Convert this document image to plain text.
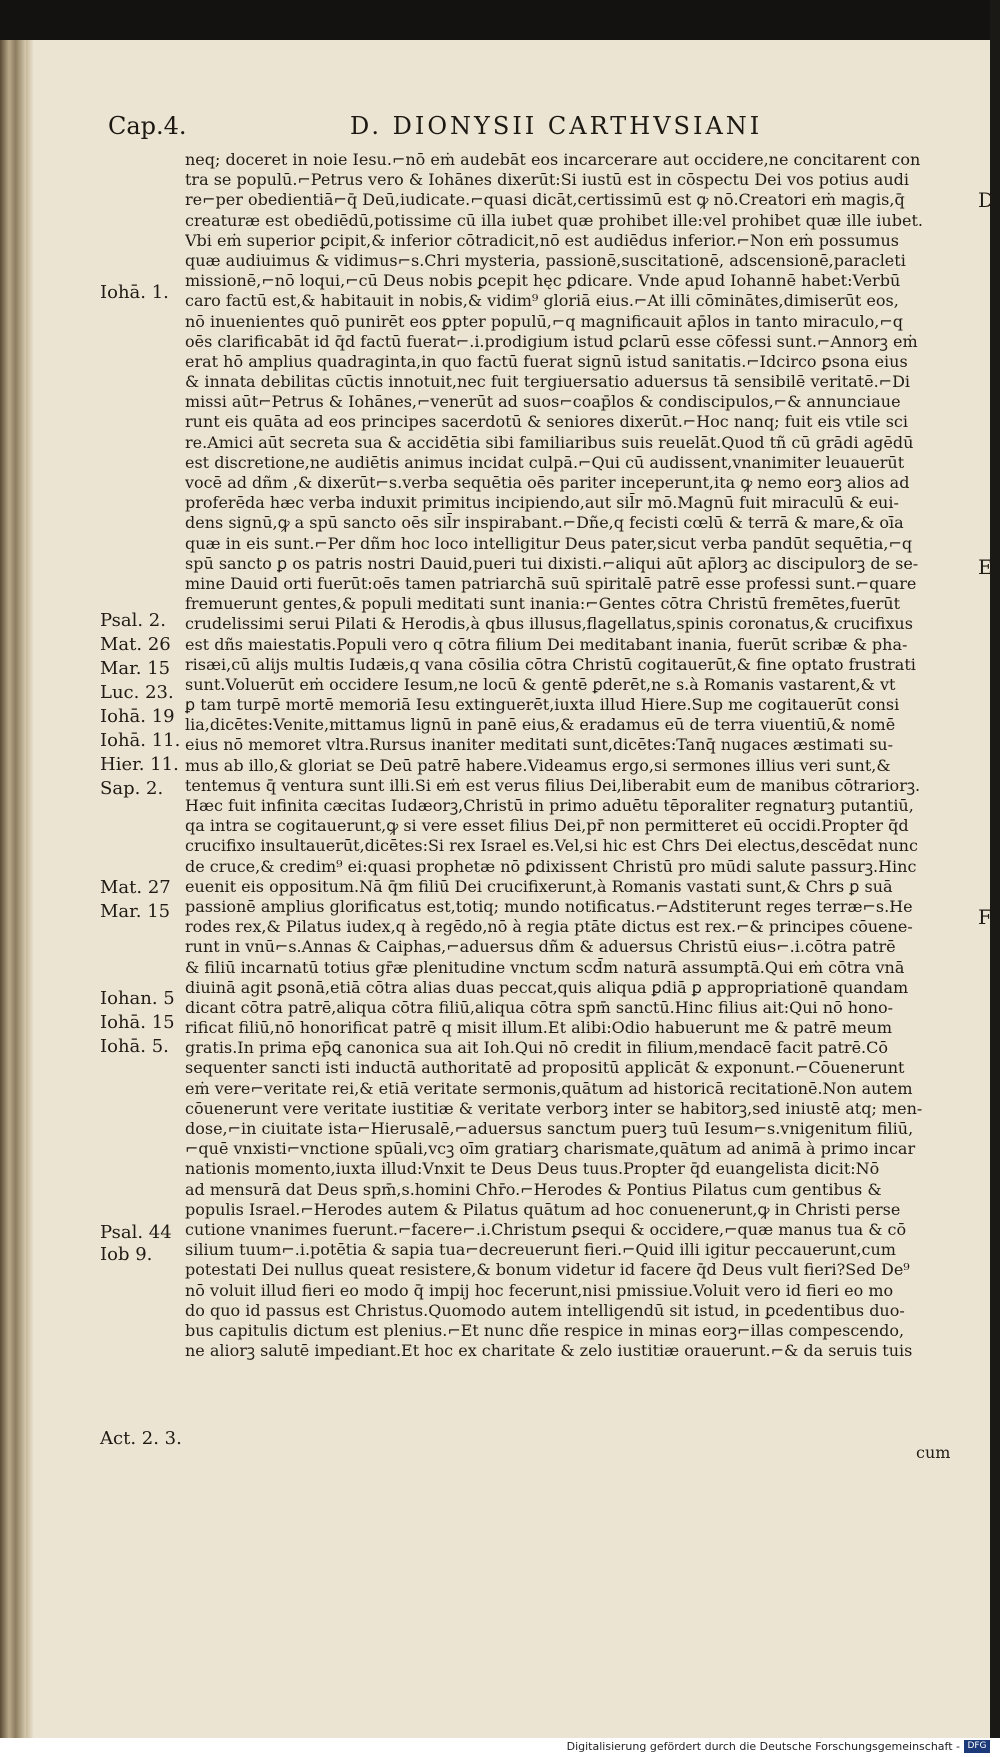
Cap.4.	D. DIONYSII CARTHVSIANI
neq; doceret in noie Iesu.⌐nō eṁ audebāt eos incarcerare aut occidere,ne concitarent con
tra se populū.⌐Petrus vero & Iohānes dixerūt:Si iustū est in cōspectu Dei vos potius audi
re⌐per obedientiā⌐q̄ Deū,iudicate.⌐quasi dicāt,certissimū est ꝙ nō.Creatori eṁ magis,q̄
creaturæ est obediēdū,potissime cū illa iubet quæ prohibet ille:vel prohibet quæ ille iubet.
Vbi eṁ superior ꝑcipit,& inferior cōtradicit,nō est audiēdus inferior.⌐Non eṁ possumus
quæ audiuimus & vidimus⌐s.Chri mysteria, passionē,suscitationē, adscensionē,paracleti
missionē,⌐nō loqui,⌐cū Deus nobis ꝑcepit hęc ꝑdicare. Vnde apud Iohannē habet:Verbū
caro factū est,& habitauit in nobis,& vidim⁹ gloriā eius.⌐At illi cōminātes,dimiserūt eos,
nō inuenientes quō punirēt eos ꝑpter populū,⌐q magnificauit ap̄los in tanto miraculo,⌐q
oēs clarificabāt id q̄d factū fuerat⌐.i.prodigium istud ꝑclarū esse cōfessi sunt.⌐Annorꝫ eṁ
erat hō amplius quadraginta,in quo factū fuerat signū istud sanitatis.⌐Idcirco ꝑsona eius
& innata debilitas cūctis innotuit,nec fuit tergiuersatio aduersus tā sensibilē veritatē.⌐Di
missi aūt⌐Petrus & Iohānes,⌐venerūt ad suos⌐coap̄los & condiscipulos,⌐& annunciaue
runt eis quāta ad eos principes sacerdotū & seniores dixerūt.⌐Hoc nanq; fuit eis vtile sci
re.Amici aūt secreta sua & accidētia sibi familiaribus suis reuelāt.Quod tñ cū grādi agēdū
est discretione,ne audiētis animus incidat culpā.⌐Qui cū audissent,vnanimiter leuauerūt
vocē ad dñm ,& dixerūt⌐s.verba sequētia oēs pariter inceperunt,ita ꝙ nemo eorꝫ alios ad
proferēda hæc verba induxit primitus incipiendo,aut sil̄r mō.Magnū fuit miraculū & eui-
dens signū,ꝙ a spū sancto oēs sil̄r inspirabant.⌐Dñe,q fecisti cœlū & terrā & mare,& oīa
quæ in eis sunt.⌐Per dñm hoc loco intelligitur Deus pater,sicut verba pandūt sequētia,⌐q
spū sancto ꝑ os patris nostri Dauid,pueri tui dixisti.⌐aliqui aūt ap̄lorꝫ ac discipulorꝫ de se-
mine Dauid orti fuerūt:oēs tamen patriarchā suū spiritalē patrē esse professi sunt.⌐quare
fremuerunt gentes,& populi meditati sunt inania:⌐Gentes cōtra Christū fremētes,fuerūt
crudelissimi serui Pilati & Herodis,à qbus illusus,flagellatus,spinis coronatus,& crucifixus
est dñs maiestatis.Populi vero q cōtra filium Dei meditabant inania, fuerūt scribæ & pha-
risæi,cū alijs multis Iudæis,q vana cōsilia cōtra Christū cogitauerūt,& fine optato frustrati
sunt.Voluerūt eṁ occidere Iesum,ne locū & gentē ꝑderēt,ne s.à Romanis vastarent,& vt
ꝑ tam turpē mortē memoriā Iesu extinguerēt,iuxta illud Hiere.Sup me cogitauerūt consi
lia,dicētes:Venite,mittamus lignū in panē eius,& eradamus eū de terra viuentiū,& nomē
eius nō memoret vltra.Rursus inaniter meditati sunt,dicētes:Tanq̄ nugaces æstimati su-
mus ab illo,& gloriat se Deū patrē habere.Videamus ergo,si sermones illius veri sunt,&
tentemus q̄ ventura sunt illi.Si eṁ est verus filius Dei,liberabit eum de manibus cōtrariorꝫ.
Hæc fuit infinita cæcitas Iudæorꝫ,Christū in primo aduētu tēporaliter regnaturꝫ putantiū,
qa intra se cogitauerunt,ꝙ si vere esset filius Dei,pr̄ non permitteret eū occidi.Propter q̄d
crucifixo insultauerūt,dicētes:Si rex Israel es.Vel,si hic est Chrs Dei electus,descēdat nunc
de cruce,& credim⁹ ei:quasi prophetæ nō ꝑdixissent Christū pro mūdi salute passurꝫ.Hinc
euenit eis oppositum.Nā q̄m filiū Dei crucifixerunt,à Romanis vastati sunt,& Chrs ꝑ suā
passionē amplius glorificatus est,totiq; mundo notificatus.⌐Adstiterunt reges terræ⌐s.He
rodes rex,& Pilatus iudex,q à regēdo,nō à regia ptāte dictus est rex.⌐& principes cōuene-
runt in vnū⌐s.Annas & Caiphas,⌐aduersus dñm & aduersus Christū eius⌐.i.cōtra patrē
& filiū incarnatū totius gr̄æ plenitudine vnctum scd̄m naturā assumptā.Qui eṁ cōtra vnā
diuinā agit ꝑsonā,etiā cōtra alias duas peccat,quis aliqua ꝑdiā ꝑ appropriationē quandam
dicant cōtra patrē,aliqua cōtra filiū,aliqua cōtra spm̄ sanctū.Hinc filius ait:Qui nō hono-
rificat filiū,nō honorificat patrē q misit illum.Et alibi:Odio habuerunt me & patrē meum
gratis.In prima ep̄ꝗ canonica sua ait Ioh.Qui nō credit in filium,mendacē facit patrē.Cō
sequenter sancti isti inductā authoritatē ad propositū applicāt & exponunt.⌐Cōuenerunt
eṁ vere⌐veritate rei,& etiā veritate sermonis,quātum ad historicā recitationē.Non autem
cōuenerunt vere veritate iustitiæ & veritate verborꝫ inter se habitorꝫ,sed iniustē atq; men-
dose,⌐in ciuitate ista⌐Hierusalē,⌐aduersus sanctum puerꝫ tuū Iesum⌐s.vnigenitum filiū,
⌐quē vnxisti⌐vnctione spūali,vcꝫ oīm gratiarꝫ charismate,quātum ad animā à primo incar
nationis momento,iuxta illud:Vnxit te Deus Deus tuus.Propter q̄d euangelista dicit:Nō
ad mensurā dat Deus spm̄,s.homini Chr̄o.⌐Herodes & Pontius Pilatus cum gentibus &
populis Israel.⌐Herodes autem & Pilatus quātum ad hoc conuenerunt,ꝙ in Christi perse
cutione vnanimes fuerunt.⌐facere⌐.i.Christum ꝑsequi & occidere,⌐quæ manus tua & cō
silium tuum⌐.i.potētia & sapia tua⌐decreuerunt fieri.⌐Quid illi igitur peccauerunt,cum
potestati Dei nullus queat resistere,& bonum videtur id facere q̄d Deus vult fieri?Sed De⁹
nō voluit illud fieri eo modo q̄ impij hoc fecerunt,nisi pmissiue.Voluit vero id fieri eo mo
do quo id passus est Christus.Quomodo autem intelligendū sit istud, in ꝑcedentibus duo-
bus capitulis dictum est plenius.⌐Et nunc dñe respice in minas eorꝫ⌐illas compescendo,
ne aliorꝫ salutē impediant.Et hoc ex charitate & zelo iustitiæ orauerunt.⌐& da seruis tuis
Iohā. 1.
Psal. 2.
Mat. 26
Mar. 15
Luc. 23.
Iohā. 19
Iohā. 11.
Hier. 11.
Sap. 2.
Mat. 27
Mar. 15
Iohan. 5
Iohā. 15
Iohā. 5.
Psal. 44
Iob 9.
Act. 2. 3.
D
E
F
cum
Digitalisierung gefördert durch die Deutsche Forschungsgemeinschaft - DFG
